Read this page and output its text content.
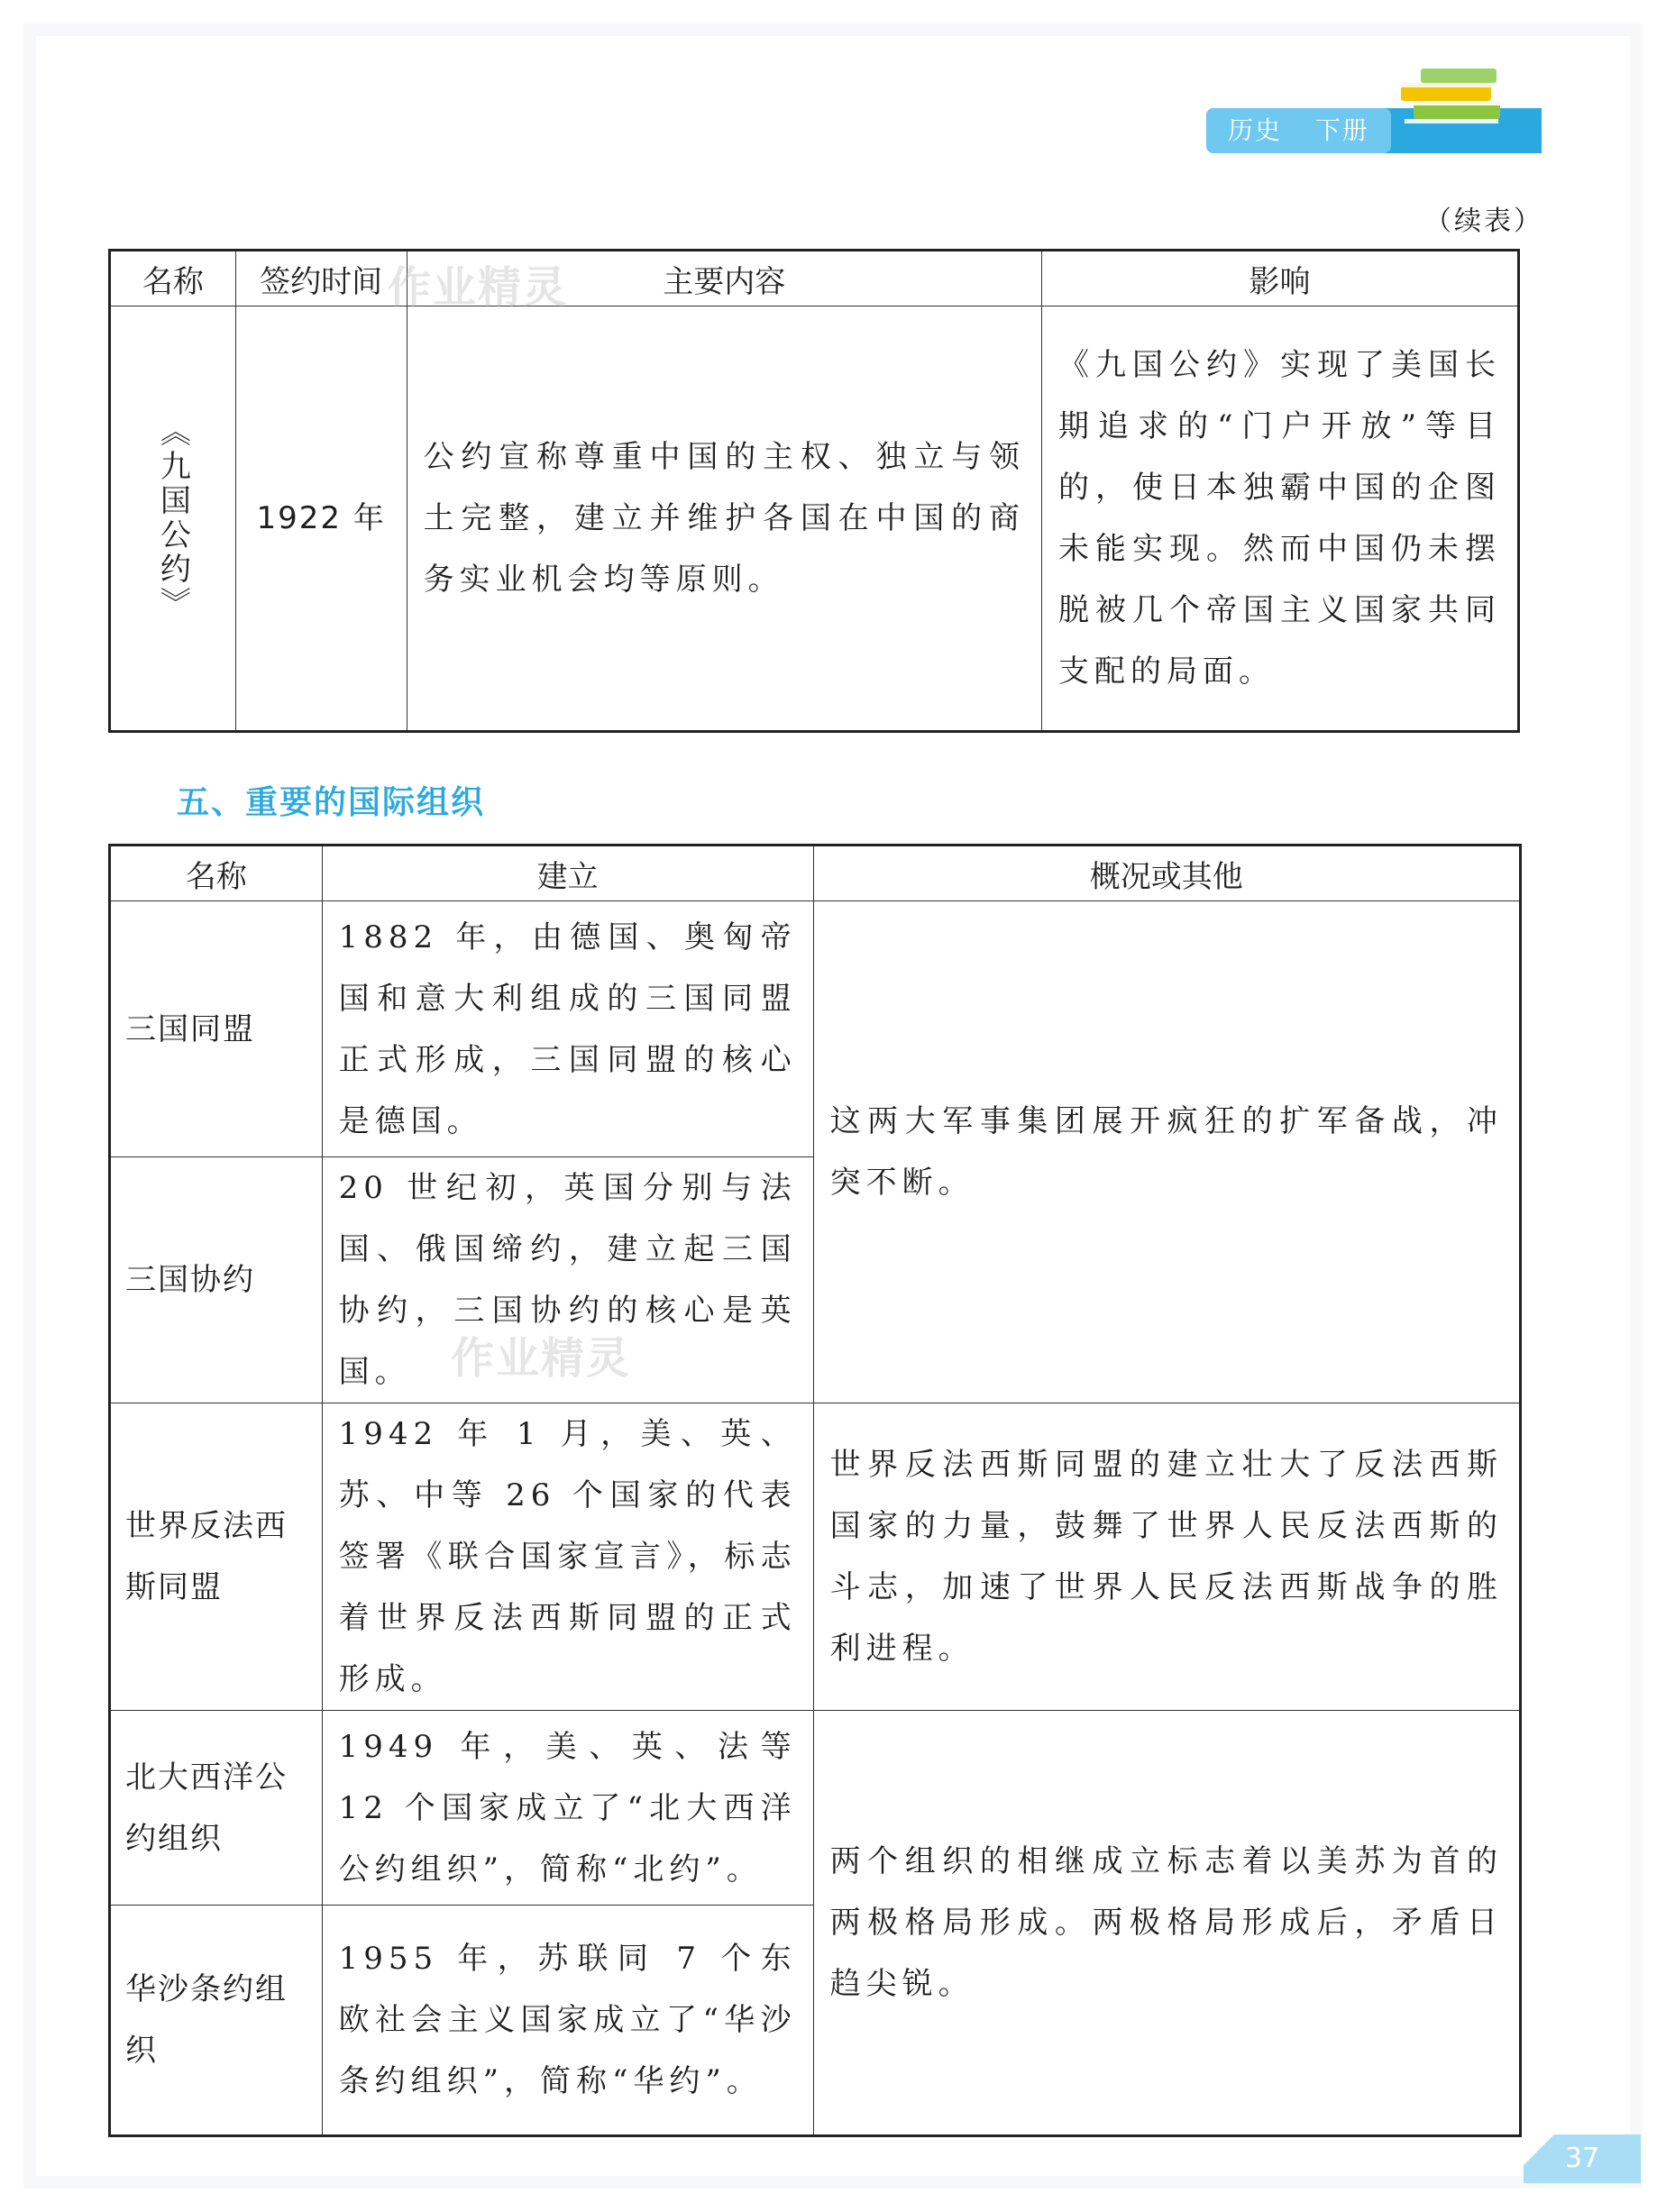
历史 下册
（续表）
名称	签约时间	主要内容	影响

《九国公约》	1922 年	公约宣称尊重中国的主权、独立与领土完整，建立并维护各国在中国的商务实业机会均等原则。	《九国公约》实现了美国长期追求的“门户开放”等目的，使日本独霸中国的企图未能实现。然而中国仍未摆脱被几个帝国主义国家共同支配的局面。
五、重要的国际组织
名称	建立	概况或其他
三国同盟	1882 年，由德国、奥匈帝国和意大利组成的三国同盟正式形成，三国同盟的核心是德国。	这两大军事集团展开疯狂的扩军备战，冲突不断。
三国协约	20 世纪初，英国分别与法国、俄国缔约，建立起三国协约，三国协约的核心是英国。	
世界反法西斯同盟	1942 年 1 月，美、英、苏、中等 26 个国家的代表签署《联合国家宣言》，标志着世界反法西斯同盟的正式形成。	世界反法西斯同盟的建立壮大了反法西斯国家的力量，鼓舞了世界人民反法西斯的斗志，加速了世界人民反法西斯战争的胜利进程。
北大西洋公约组织	1949 年，美、英、法等 12 个国家成立了“北大西洋公约组织”，简称“北约”。	两个组织的相继成立标志着以美苏为首的两极格局形成。两极格局形成后，矛盾日趋尖锐。
华沙条约组织	1955 年，苏联同 7 个东欧社会主义国家成立了“华沙条约组织”，简称“华约”。	
作业精灵
作业精灵
37
